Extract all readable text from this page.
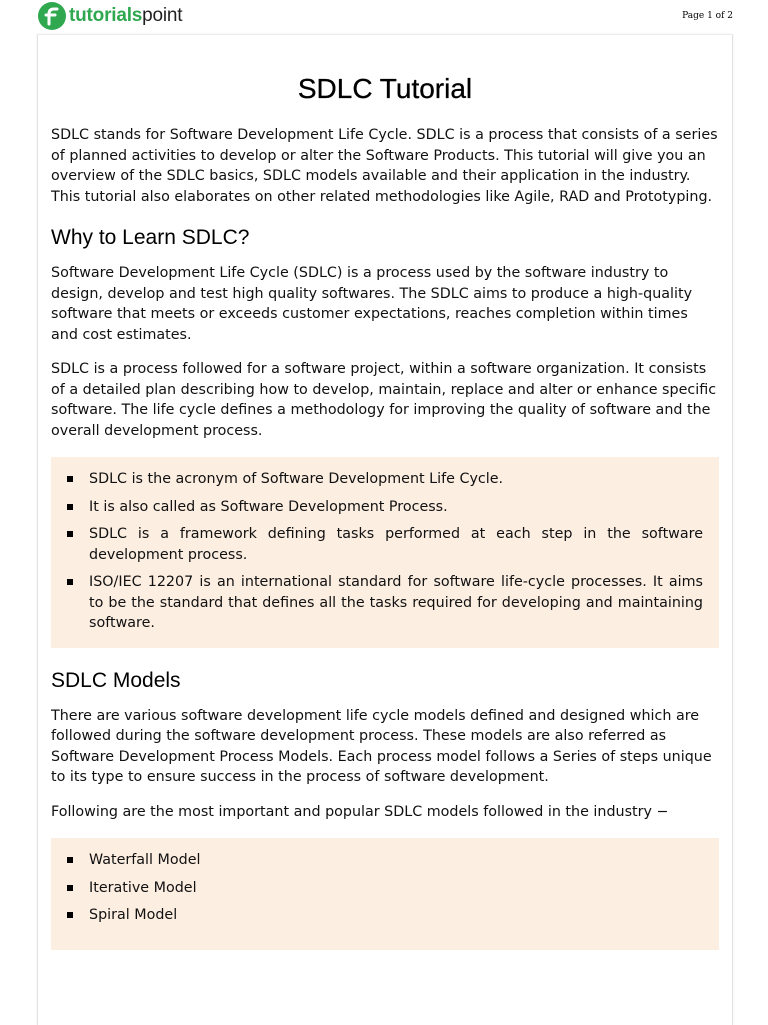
tutorialspoint	Page 1 of 2
SDLC Tutorial

SDLC stands for Software Development Life Cycle. SDLC is a process that consists of a series of planned activities to develop or alter the Software Products. This tutorial will give you an overview of the SDLC basics, SDLC models available and their application in the industry. This tutorial also elaborates on other related methodologies like Agile, RAD and Prototyping.

Why to Learn SDLC?

Software Development Life Cycle (SDLC) is a process used by the software industry to design, develop and test high quality softwares. The SDLC aims to produce a high-quality software that meets or exceeds customer expectations, reaches completion within times and cost estimates.

SDLC is a process followed for a software project, within a software organization. It consists of a detailed plan describing how to develop, maintain, replace and alter or enhance specific software. The life cycle defines a methodology for improving the quality of software and the overall development process.

SDLC is the acronym of Software Development Life Cycle.
It is also called as Software Development Process.
SDLC is a framework defining tasks performed at each step in the software development process.
ISO/IEC 12207 is an international standard for software life-cycle processes. It aims to be the standard that defines all the tasks required for developing and maintaining software.
SDLC Models

There are various software development life cycle models defined and designed which are followed during the software development process. These models are also referred as Software Development Process Models. Each process model follows a Series of steps unique to its type to ensure success in the process of software development.

Following are the most important and popular SDLC models followed in the industry −

Waterfall Model
Iterative Model
Spiral Model
